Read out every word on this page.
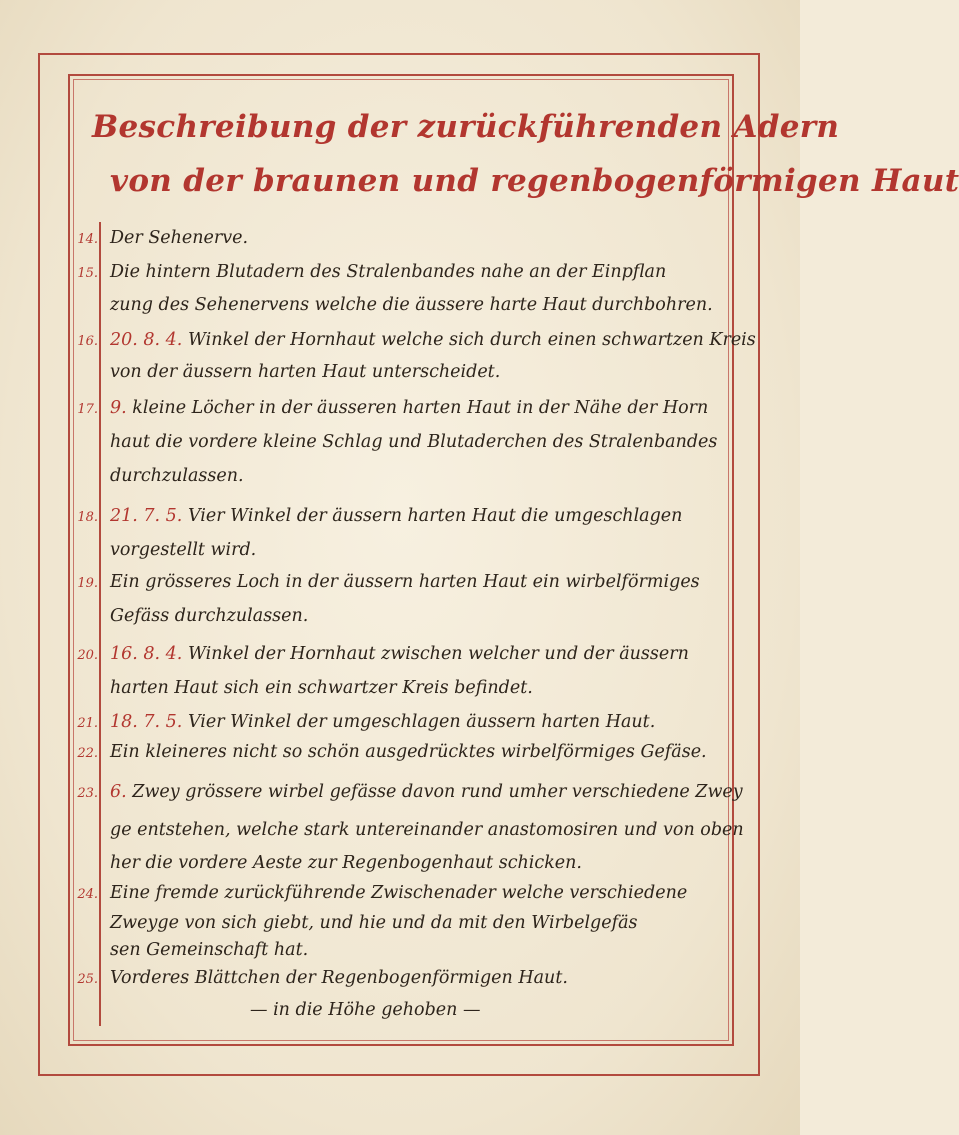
Beschreibung der zurückführenden Adern
von der braunen und regenbogenförmigen Haut
14. Der Sehenerve.
15. Die hintern Blutadern des Stralenbandes nahe an der Einpflan
zung des Sehenervens welche die äussere harte Haut durchbohren.
16. 20. 8. 4. Winkel der Hornhaut welche sich durch einen schwartzen Kreis
von der äussern harten Haut unterscheidet.
17. 9. kleine Löcher in der äusseren harten Haut in der Nähe der Horn
haut die vordere kleine Schlag und Blutaderchen des Stralenbandes
durchzulassen.
18. 21. 7. 5. Vier Winkel der äussern harten Haut die umgeschlagen
vorgestellt wird.
19. Ein grösseres Loch in der äussern harten Haut ein wirbelförmiges
Gefäss durchzulassen.
20. 16. 8. 4. Winkel der Hornhaut zwischen welcher und der äussern
harten Haut sich ein schwartzer Kreis befindet.
21. 18. 7. 5. Vier Winkel der umgeschlagen äussern harten Haut.
22. Ein kleineres nicht so schön ausgedrücktes wirbelförmiges Gefäse.
23. 6. Zwey grössere wirbel gefässe davon rund umher verschiedene Zwey
ge entstehen, welche stark untereinander anastomosiren und von oben
her die vordere Aeste zur Regenbogenhaut schicken.
24. Eine fremde zurückführende Zwischenader welche verschiedene
Zweyge von sich giebt, und hie und da mit den Wirbelgefäs
sen Gemeinschaft hat.
25. Vorderes Blättchen der Regenbogenförmigen Haut.
— in die Höhe gehoben —
